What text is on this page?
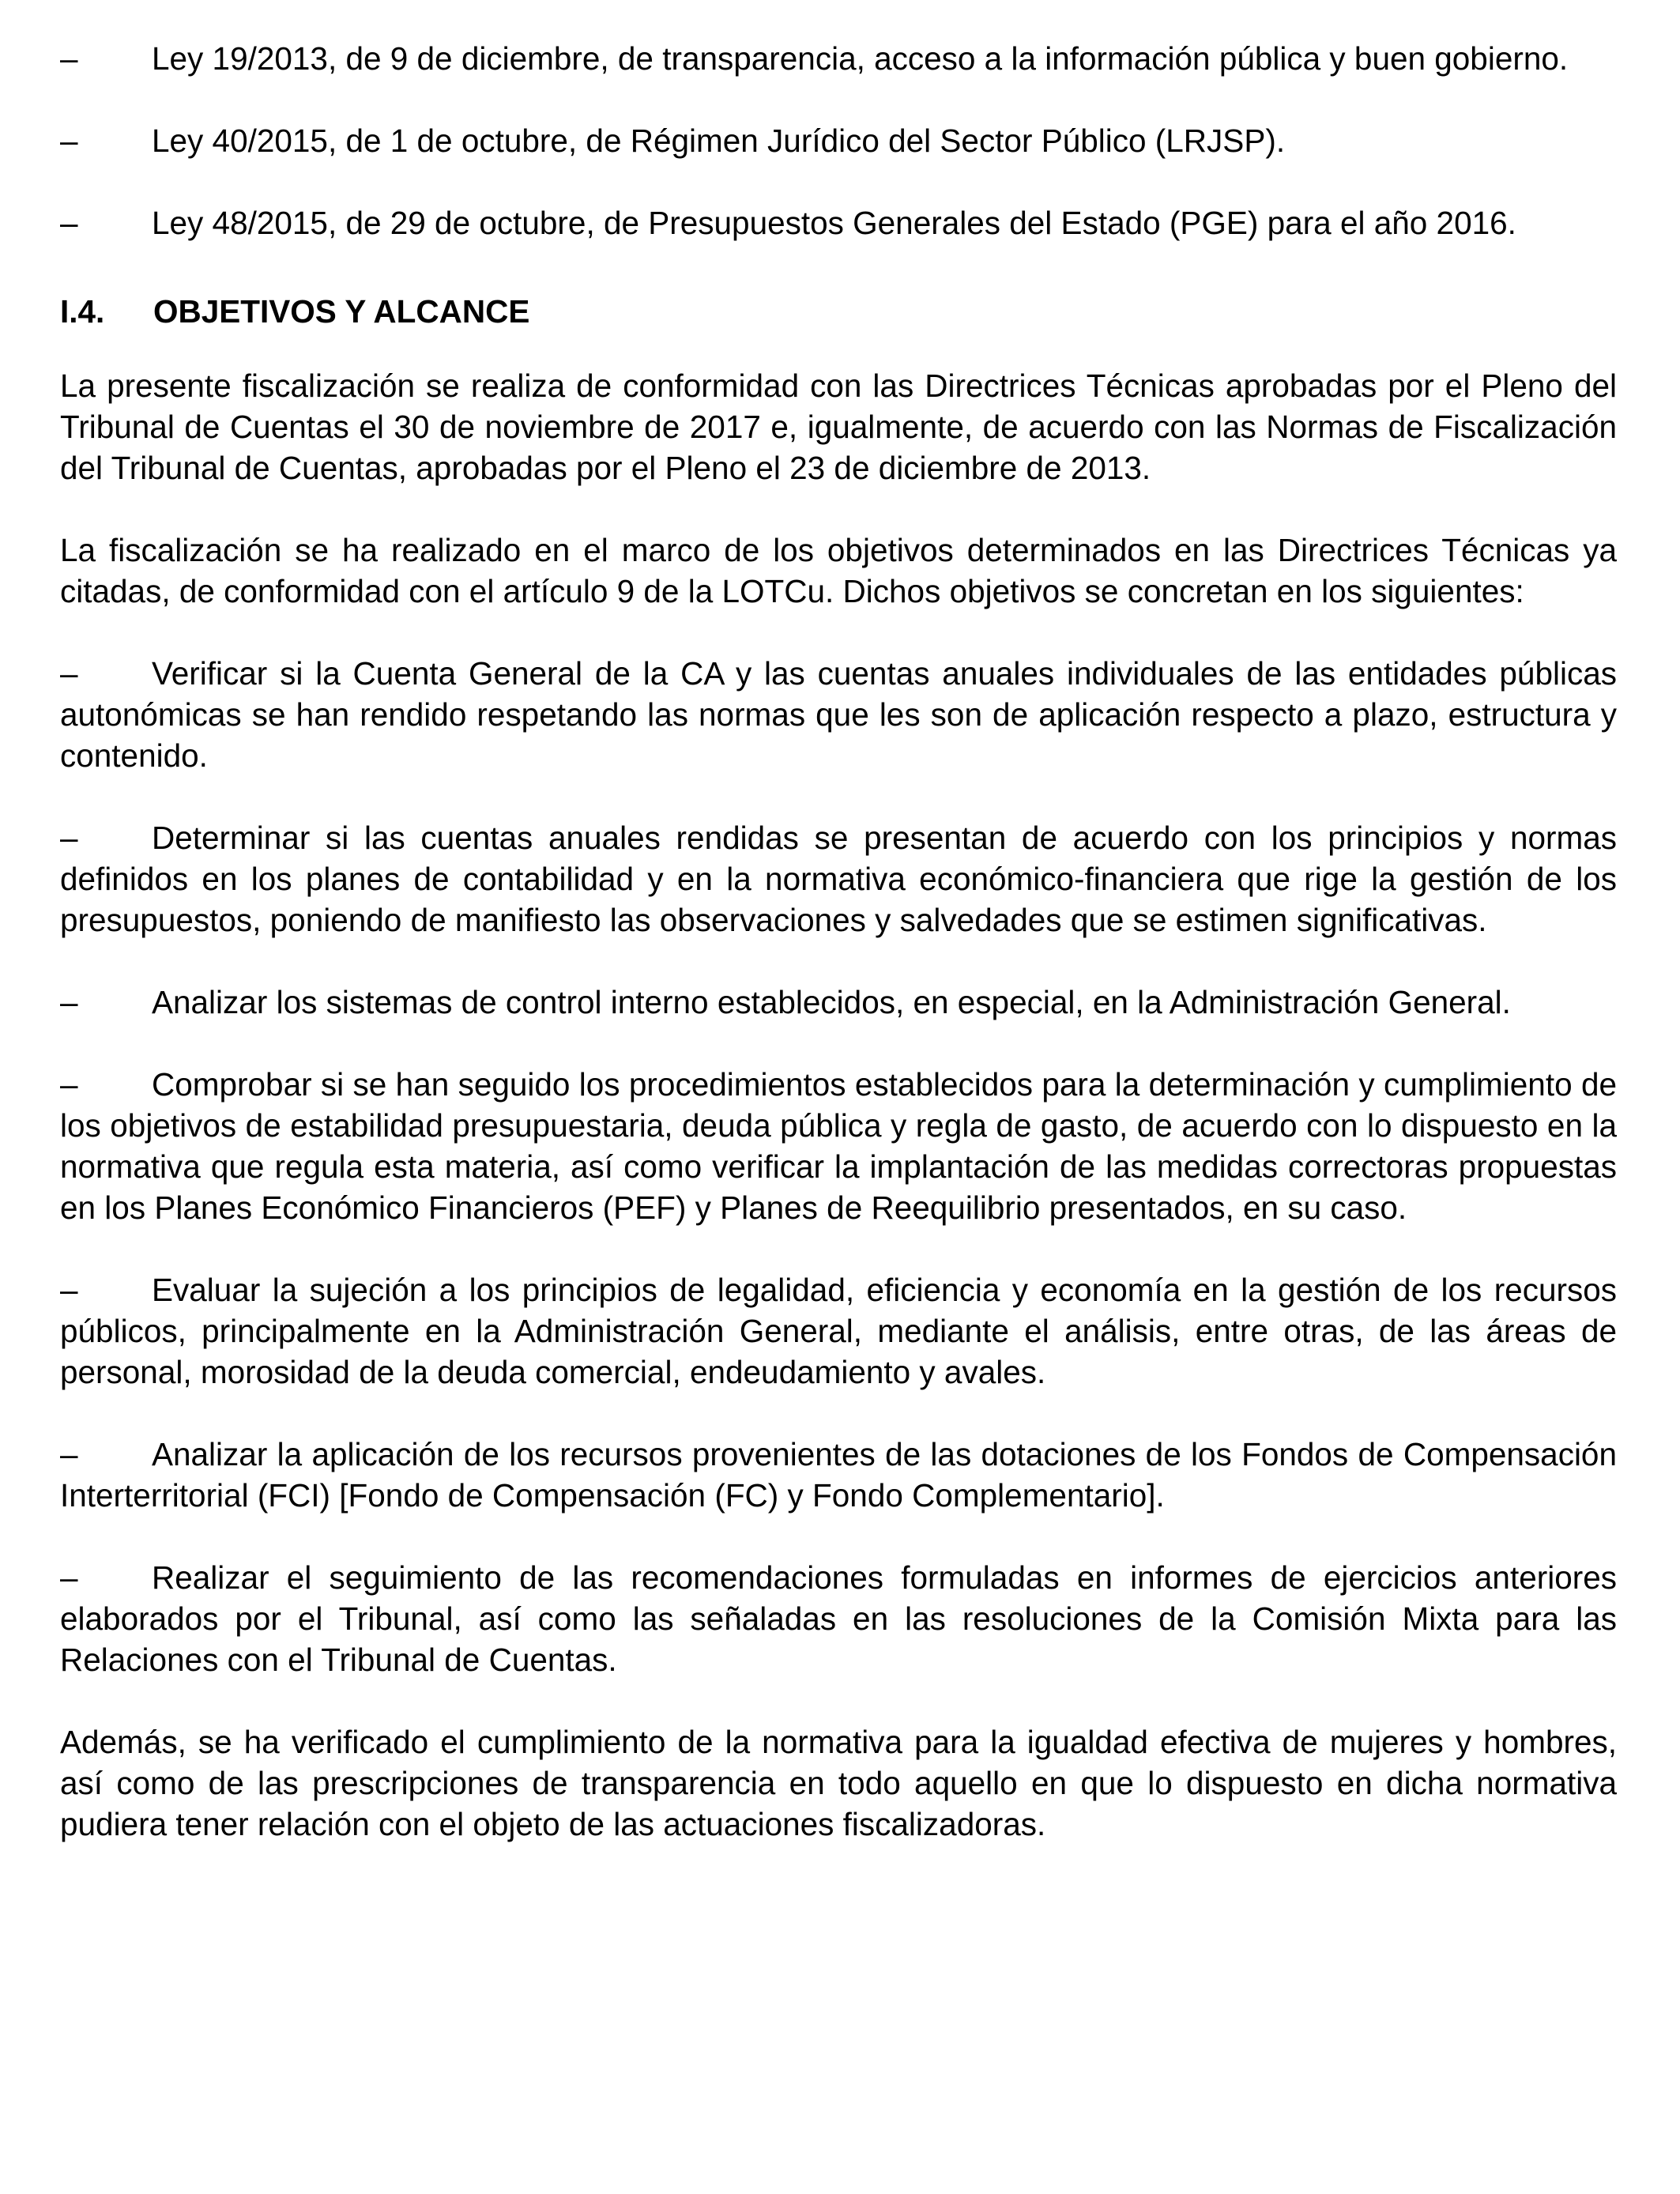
– Ley 19/2013, de 9 de diciembre, de transparencia, acceso a la información pública y buen gobierno.

– Ley 40/2015, de 1 de octubre, de Régimen Jurídico del Sector Público (LRJSP).

– Ley 48/2015, de 29 de octubre, de Presupuestos Generales del Estado (PGE) para el año 2016.

I.4. OBJETIVOS Y ALCANCE

La presente fiscalización se realiza de conformidad con las Directrices Técnicas aprobadas por el Pleno del Tribunal de Cuentas el 30 de noviembre de 2017 e, igualmente, de acuerdo con las Normas de Fiscalización del Tribunal de Cuentas, aprobadas por el Pleno el 23 de diciembre de 2013.

La fiscalización se ha realizado en el marco de los objetivos determinados en las Directrices Técnicas ya citadas, de conformidad con el artículo 9 de la LOTCu. Dichos objetivos se concretan en los siguientes:

– Verificar si la Cuenta General de la CA y las cuentas anuales individuales de las entidades públicas autonómicas se han rendido respetando las normas que les son de aplicación respecto a plazo, estructura y contenido.

– Determinar si las cuentas anuales rendidas se presentan de acuerdo con los principios y normas definidos en los planes de contabilidad y en la normativa económico-financiera que rige la gestión de los presupuestos, poniendo de manifiesto las observaciones y salvedades que se estimen significativas.

– Analizar los sistemas de control interno establecidos, en especial, en la Administración General.

– Comprobar si se han seguido los procedimientos establecidos para la determinación y cumplimiento de los objetivos de estabilidad presupuestaria, deuda pública y regla de gasto, de acuerdo con lo dispuesto en la normativa que regula esta materia, así como verificar la implantación de las medidas correctoras propuestas en los Planes Económico Financieros (PEF) y Planes de Reequilibrio presentados, en su caso.

– Evaluar la sujeción a los principios de legalidad, eficiencia y economía en la gestión de los recursos públicos, principalmente en la Administración General, mediante el análisis, entre otras, de las áreas de personal, morosidad de la deuda comercial, endeudamiento y avales.

– Analizar la aplicación de los recursos provenientes de las dotaciones de los Fondos de Compensación Interterritorial (FCI) [Fondo de Compensación (FC) y Fondo Complementario].

– Realizar el seguimiento de las recomendaciones formuladas en informes de ejercicios anteriores elaborados por el Tribunal, así como las señaladas en las resoluciones de la Comisión Mixta para las Relaciones con el Tribunal de Cuentas.

Además, se ha verificado el cumplimiento de la normativa para la igualdad efectiva de mujeres y hombres, así como de las prescripciones de transparencia en todo aquello en que lo dispuesto en dicha normativa pudiera tener relación con el objeto de las actuaciones fiscalizadoras.
